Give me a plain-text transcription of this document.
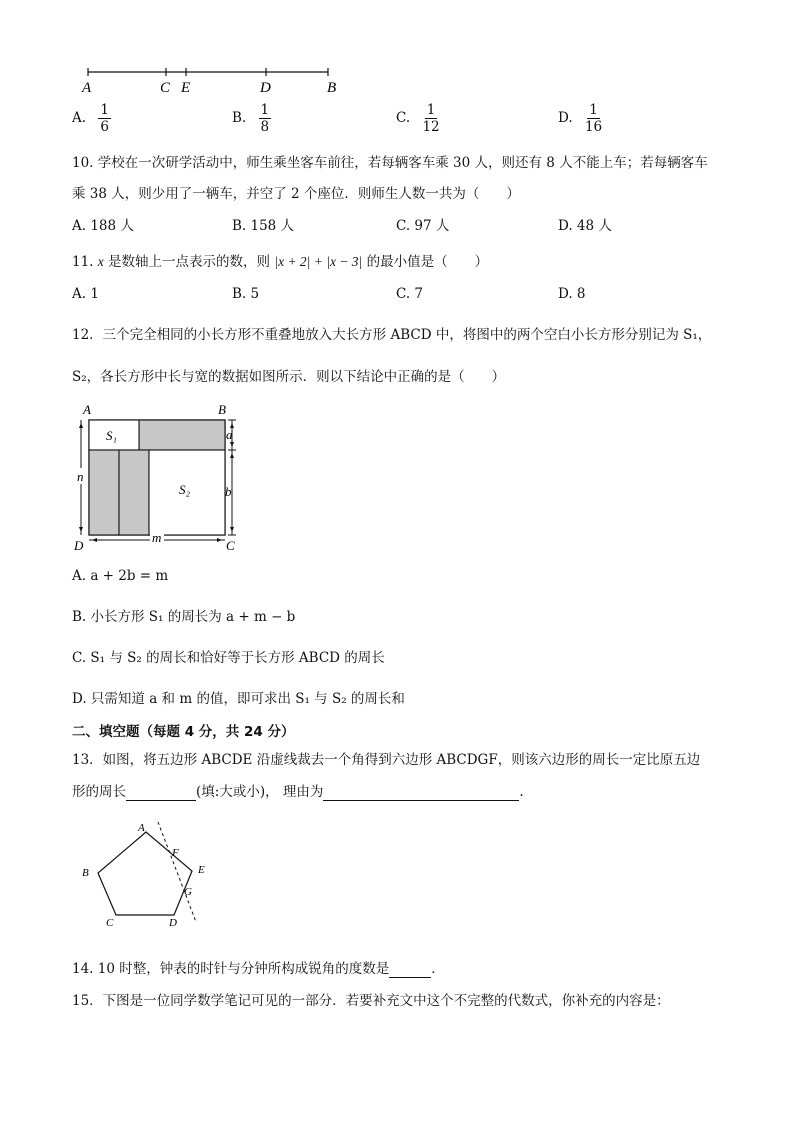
A	C E	D	B
A. $\frac{1}{6}$	B. $\frac{1}{8}$	C. $\frac{1}{12}$	D. $\frac{1}{16}$
10. 学校在一次研学活动中，师生乘坐客车前往，若每辆客车乘 30 人，则还有 8 人不能上车；若每辆客车
乘 38 人，则少用了一辆车，并空了 2 个座位．则师生人数一共为（　　）
A. 188 人	B. 158 人	C. 97 人	D. 48 人
11. x 是数轴上一点表示的数，则 |x + 2| + |x − 3| 的最小值是（　　）
A. 1	B. 5	C. 7	D. 8
12．三个完全相同的小长方形不重叠地放入大长方形 ABCD 中，将图中的两个空白小长方形分别记为 S₁，
S₂，各长方形中长与宽的数据如图所示．则以下结论中正确的是（　　）
A	B
C
D
S₁
S₂
a
b
n
m
A. a + 2b = m
B. 小长方形 S₁ 的周长为 a + m − b
C. S₁ 与 S₂ 的周长和恰好等于长方形 ABCD 的周长
D. 只需知道 a 和 m 的值，即可求出 S₁ 与 S₂ 的周长和
二、填空题（每题 4 分，共 24 分）
13．如图，将五边形 ABCDE 沿虚线裁去一个角得到六边形 ABCDGF，则该六边形的周长一定比原五边
形的周长	(填:大或小)， 理由为	.
A
B
C	D
E
F
G
14. 10 时整，钟表的时针与分钟所构成锐角的度数是	．
15．下图是一位同学数学笔记可见的一部分．若要补充文中这个不完整的代数式，你补充的内容是：
